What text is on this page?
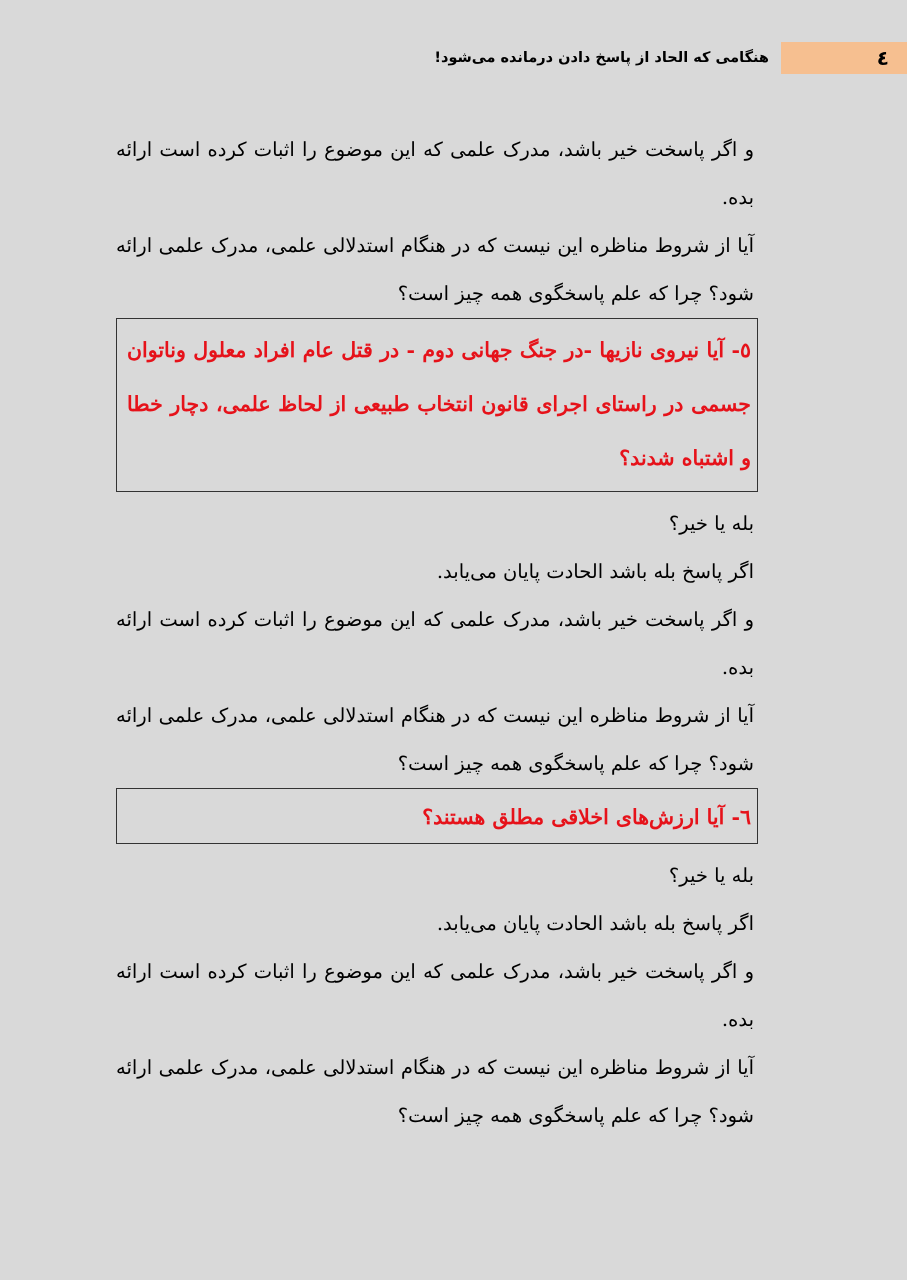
٤
هنگامی که الحاد از پاسخ دادن درمانده می‌شود!

و اگر پاسخت خیر باشد، مدرک علمی که این موضوع را اثبات کرده است ارائه بده.

آیا از شروط مناظره این نیست که در هنگام استدلالی علمی، مدرک علمی ارائه شود؟ چرا که علم پاسخگوی همه چیز است؟

٥- آیا نیروی نازیها -در جنگ جهانی دوم - در قتل عام افراد معلول وناتوان جسمی در راستای اجرای قانون انتخاب طبیعی از لحاظ علمی، دچار خطا و اشتباه شدند؟

بله یا خیر؟

اگر پاسخ بله باشد الحادت پایان می‌یابد.

و اگر پاسخت خیر باشد، مدرک علمی که این موضوع را اثبات کرده است ارائه بده.

آیا از شروط مناظره این نیست که در هنگام استدلالی علمی، مدرک علمی ارائه شود؟ چرا که علم پاسخگوی همه چیز است؟

٦- آیا ارزش‌های اخلاقی مطلق هستند؟

بله یا خیر؟

اگر پاسخ بله باشد الحادت پایان می‌یابد.

و اگر پاسخت خیر باشد، مدرک علمی که این موضوع را اثبات کرده است ارائه بده.

آیا از شروط مناظره این نیست که در هنگام استدلالی علمی، مدرک علمی ارائه شود؟ چرا که علم پاسخگوی همه چیز است؟
